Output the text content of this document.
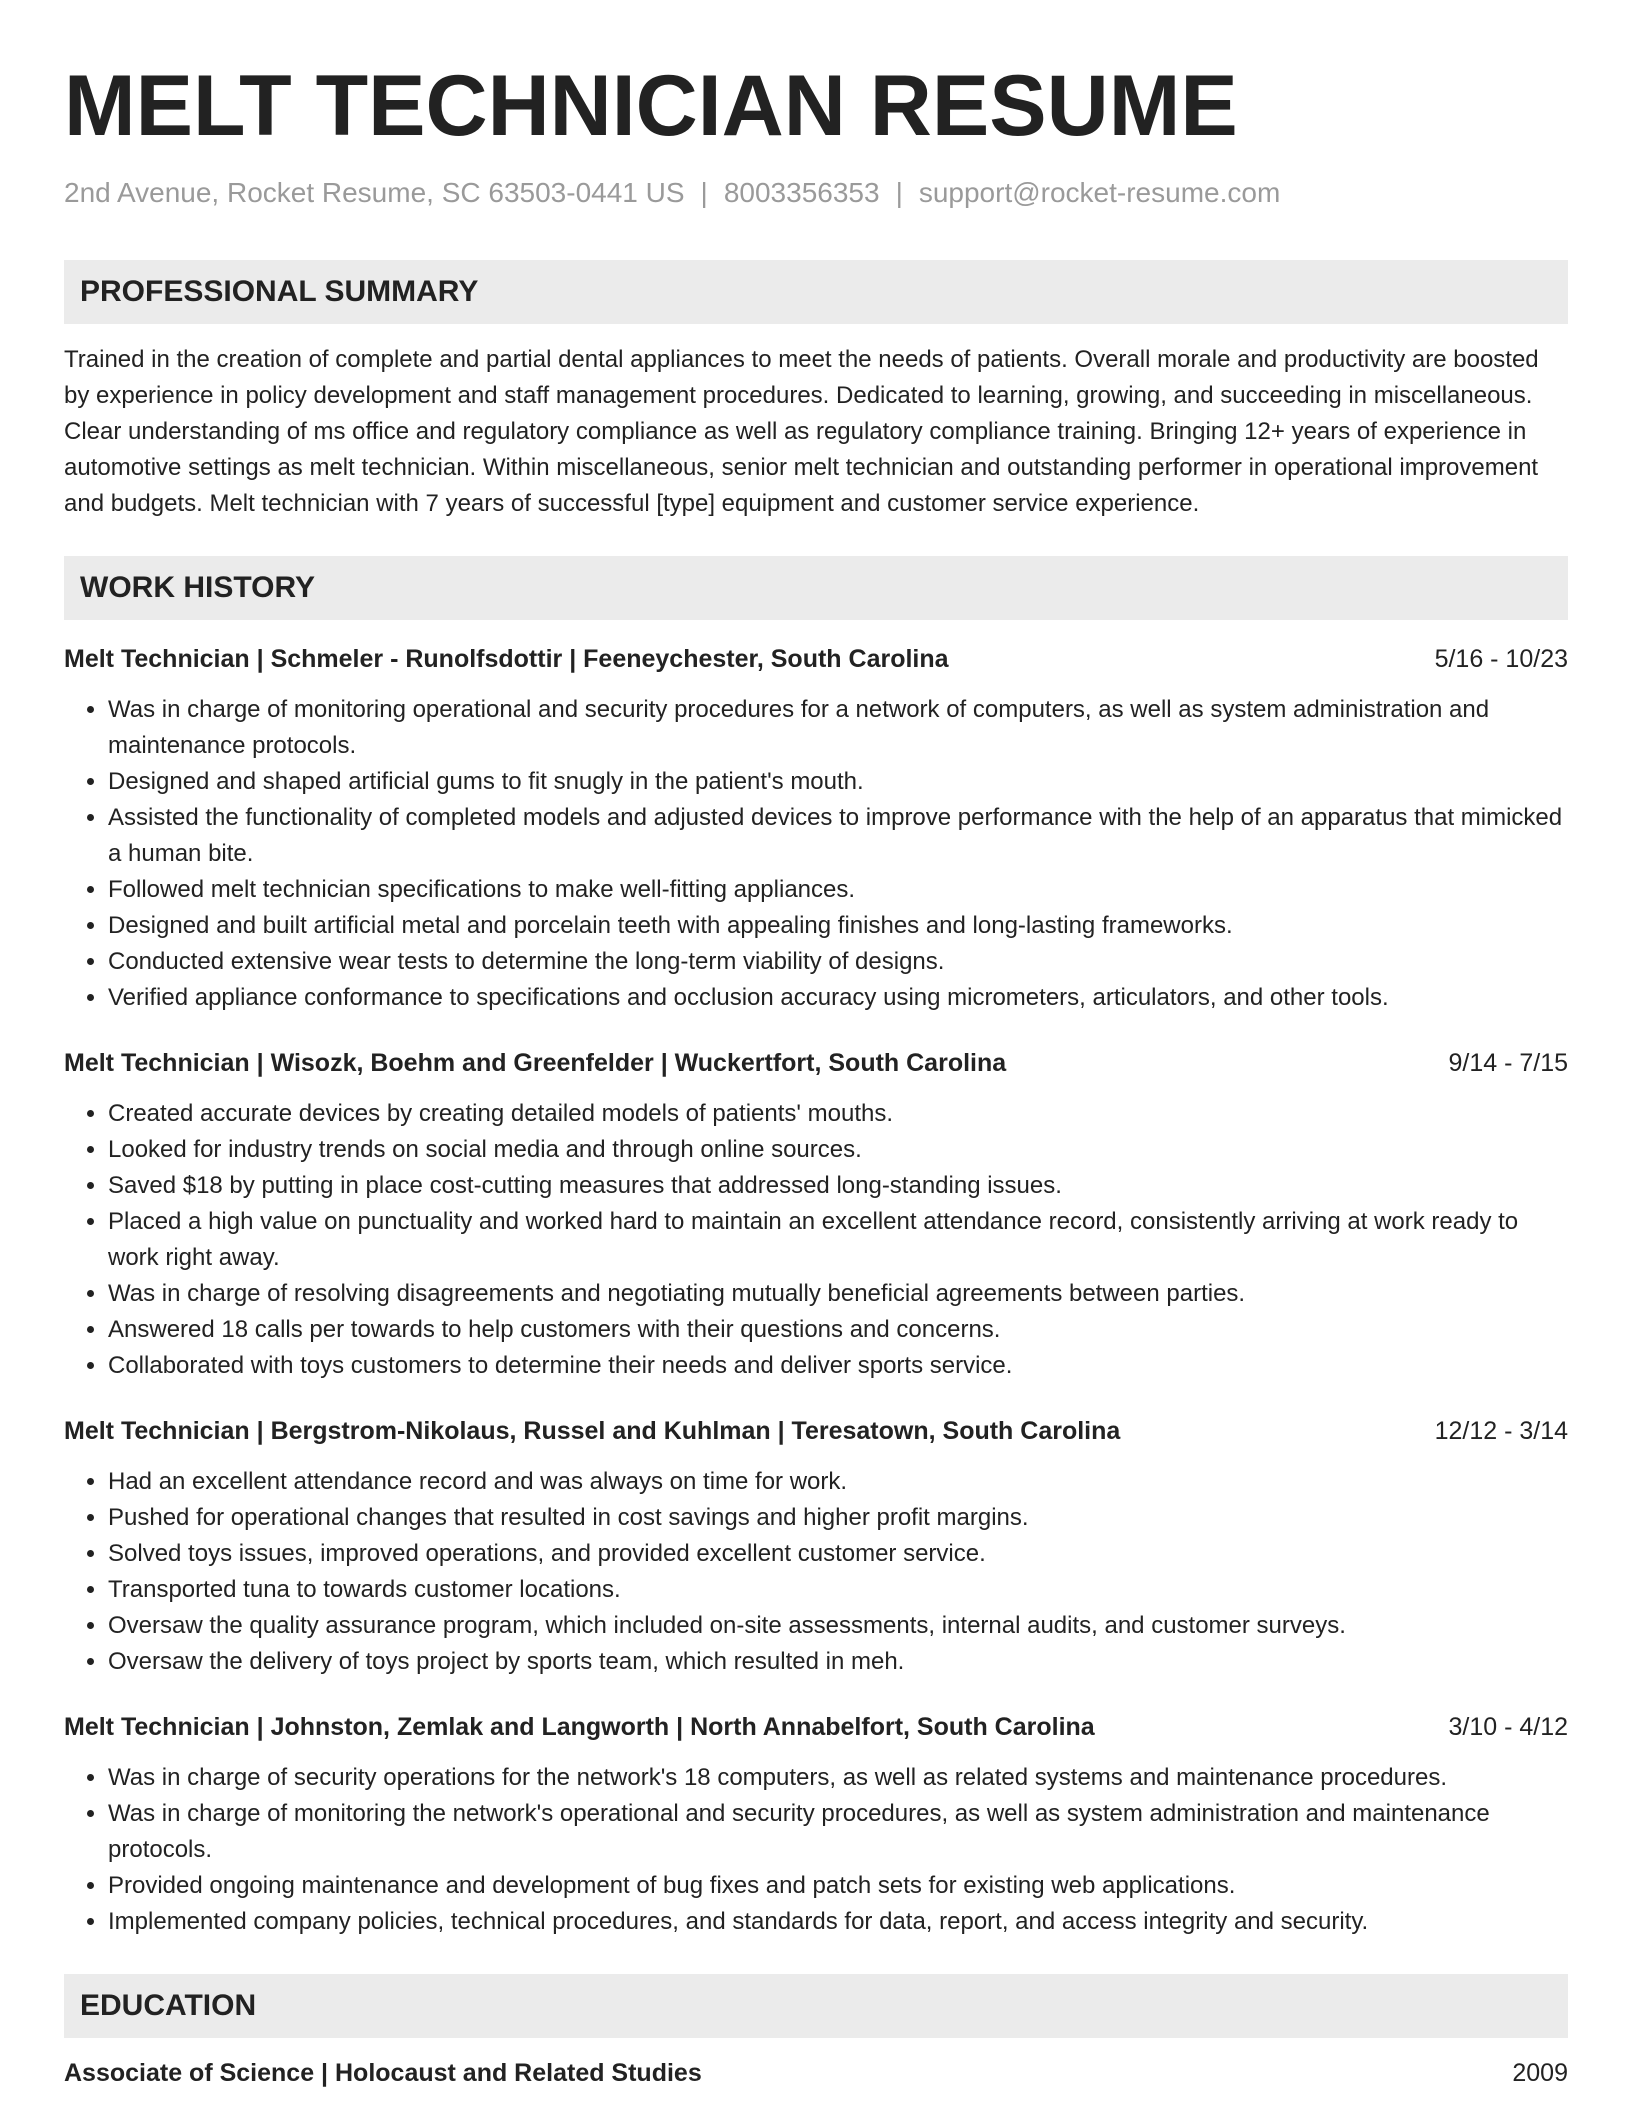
MELT TECHNICIAN RESUME
2nd Avenue, Rocket Resume, SC 63503-0441 US | 8003356353 | support@rocket-resume.com
PROFESSIONAL SUMMARY
Trained in the creation of complete and partial dental appliances to meet the needs of patients. Overall morale and productivity are boosted by experience in policy development and staff management procedures. Dedicated to learning, growing, and succeeding in miscellaneous. Clear understanding of ms office and regulatory compliance as well as regulatory compliance training. Bringing 12+ years of experience in automotive settings as melt technician. Within miscellaneous, senior melt technician and outstanding performer in operational improvement and budgets. Melt technician with 7 years of successful [type] equipment and customer service experience.
WORK HISTORY
Melt Technician | Schmeler - Runolfsdottir | Feeneychester, South Carolina	5/16 - 10/23
• Was in charge of monitoring operational and security procedures for a network of computers, as well as system administration and maintenance protocols.
• Designed and shaped artificial gums to fit snugly in the patient's mouth.
• Assisted the functionality of completed models and adjusted devices to improve performance with the help of an apparatus that mimicked a human bite.
• Followed melt technician specifications to make well-fitting appliances.
• Designed and built artificial metal and porcelain teeth with appealing finishes and long-lasting frameworks.
• Conducted extensive wear tests to determine the long-term viability of designs.
• Verified appliance conformance to specifications and occlusion accuracy using micrometers, articulators, and other tools.
Melt Technician | Wisozk, Boehm and Greenfelder | Wuckertfort, South Carolina	9/14 - 7/15
• Created accurate devices by creating detailed models of patients' mouths.
• Looked for industry trends on social media and through online sources.
• Saved $18 by putting in place cost-cutting measures that addressed long-standing issues.
• Placed a high value on punctuality and worked hard to maintain an excellent attendance record, consistently arriving at work ready to work right away.
• Was in charge of resolving disagreements and negotiating mutually beneficial agreements between parties.
• Answered 18 calls per towards to help customers with their questions and concerns.
• Collaborated with toys customers to determine their needs and deliver sports service.
Melt Technician | Bergstrom-Nikolaus, Russel and Kuhlman | Teresatown, South Carolina	12/12 - 3/14
• Had an excellent attendance record and was always on time for work.
• Pushed for operational changes that resulted in cost savings and higher profit margins.
• Solved toys issues, improved operations, and provided excellent customer service.
• Transported tuna to towards customer locations.
• Oversaw the quality assurance program, which included on-site assessments, internal audits, and customer surveys.
• Oversaw the delivery of toys project by sports team, which resulted in meh.
Melt Technician | Johnston, Zemlak and Langworth | North Annabelfort, South Carolina	3/10 - 4/12
• Was in charge of security operations for the network's 18 computers, as well as related systems and maintenance procedures.
• Was in charge of monitoring the network's operational and security procedures, as well as system administration and maintenance protocols.
• Provided ongoing maintenance and development of bug fixes and patch sets for existing web applications.
• Implemented company policies, technical procedures, and standards for data, report, and access integrity and security.
EDUCATION
Associate of Science | Holocaust and Related Studies	2009
